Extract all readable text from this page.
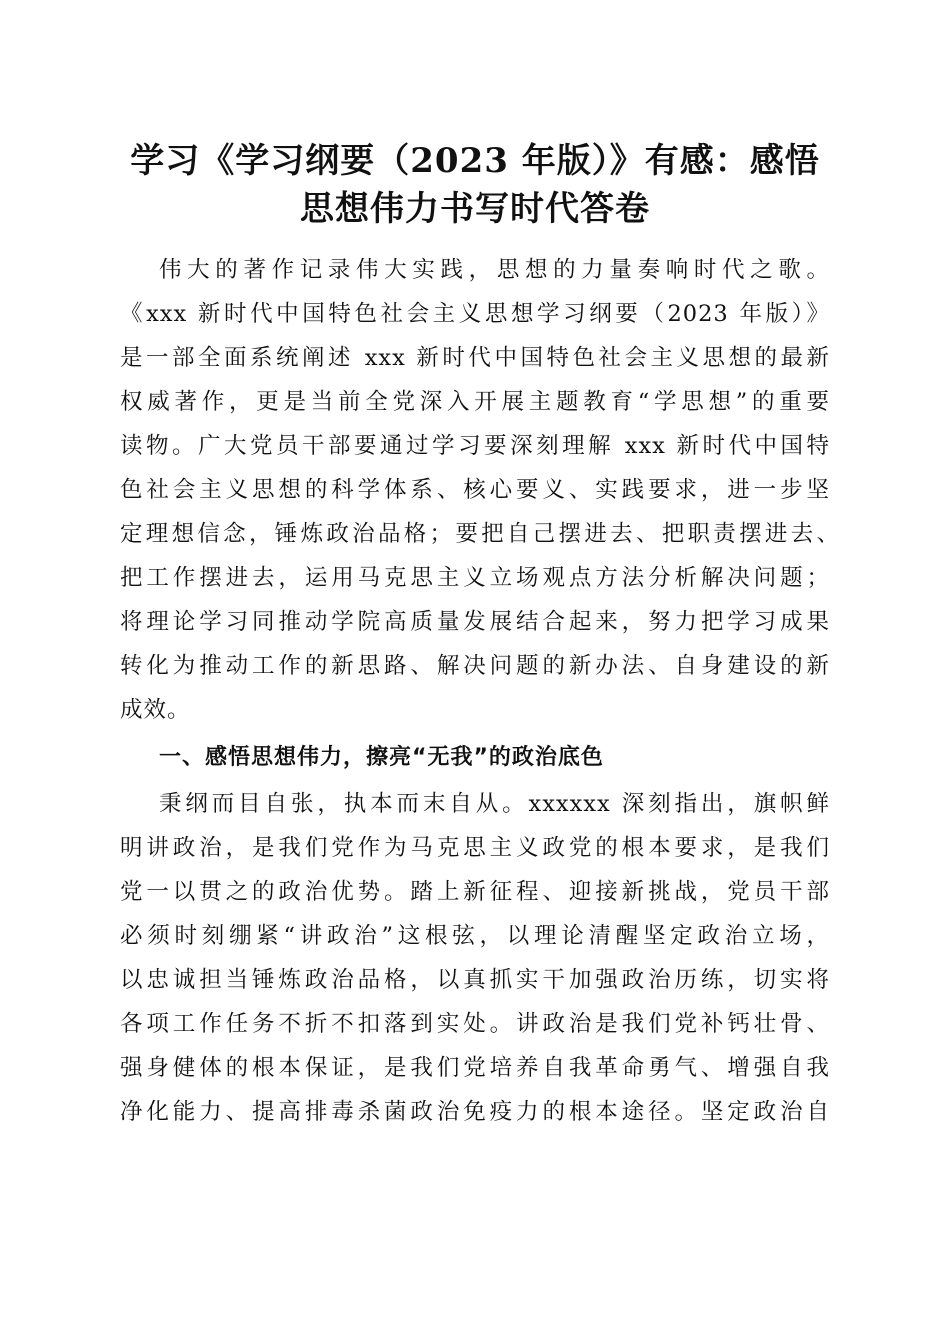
学习《学习纲要（2023 年版）》有感：感悟
思想伟力书写时代答卷
伟大的著作记录伟大实践，思想的力量奏响时代之歌。
《xxx 新时代中国特色社会主义思想学习纲要（2023 年版）》
是一部全面系统阐述 xxx 新时代中国特色社会主义思想的最新
权威著作，更是当前全党深入开展主题教育“学思想”的重要
读物。广大党员干部要通过学习要深刻理解 xxx 新时代中国特
色社会主义思想的科学体系、核心要义、实践要求，进一步坚
定理想信念，锤炼政治品格；要把自己摆进去、把职责摆进去、
把工作摆进去，运用马克思主义立场观点方法分析解决问题；
将理论学习同推动学院高质量发展结合起来，努力把学习成果
转化为推动工作的新思路、解决问题的新办法、自身建设的新
成效。
一、感悟思想伟力，擦亮“无我”的政治底色
秉纲而目自张，执本而末自从。xxxxxx 深刻指出，旗帜鲜
明讲政治，是我们党作为马克思主义政党的根本要求，是我们
党一以贯之的政治优势。踏上新征程、迎接新挑战，党员干部
必须时刻绷紧“讲政治”这根弦，以理论清醒坚定政治立场，
以忠诚担当锤炼政治品格，以真抓实干加强政治历练，切实将
各项工作任务不折不扣落到实处。讲政治是我们党补钙壮骨、
强身健体的根本保证，是我们党培养自我革命勇气、增强自我
净化能力、提高排毒杀菌政治免疫力的根本途径。坚定政治自
